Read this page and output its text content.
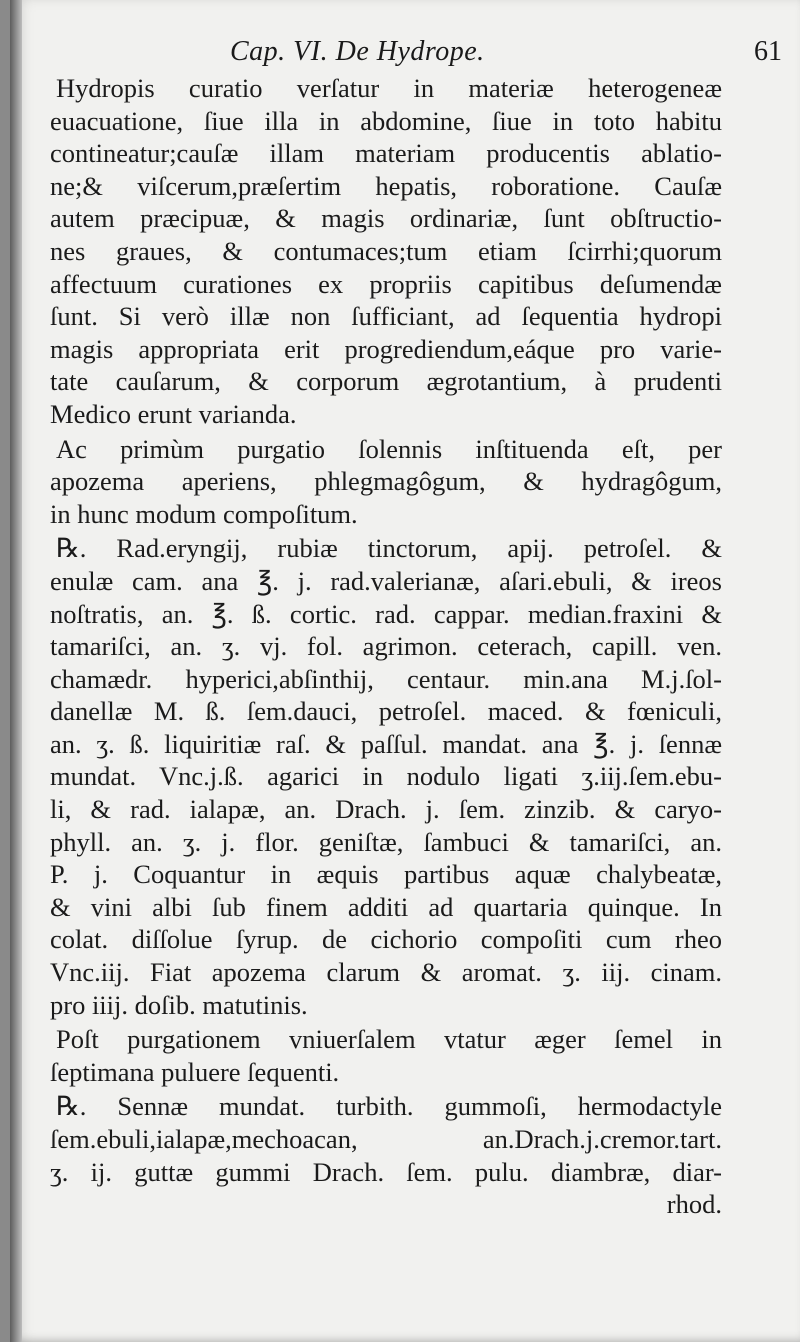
Cap. VI. De Hydrope.	61
Hydropis curatio verſatur in materiæ heterogeneæ
euacuatione, ſiue illa in abdomine, ſiue in toto habitu
contineatur;cauſæ illam materiam producentis ablatio-
ne;& viſcerum,præſertim hepatis, roboratione. Cauſæ
autem præcipuæ, & magis ordinariæ, ſunt obſtructio-
nes graues, & contumaces;tum etiam ſcirrhi;quorum
affectuum curationes ex propriis capitibus deſumendæ
ſunt. Si verò illæ non ſufficiant, ad ſequentia hydropi
magis appropriata erit progrediendum,eáque pro varie-
tate cauſarum, & corporum ægrotantium, à prudenti
Medico erunt varianda.
Ac primùm purgatio ſolennis inſtituenda eſt, per
apozema aperiens, phlegmagôgum, & hydragôgum,
in hunc modum compoſitum.
℞. Rad.eryngij, rubiæ tinctorum, apij. petroſel. &
enulæ cam. ana ℥. j. rad.valerianæ, aſari.ebuli, & ireos
noſtratis, an. ℥. ß. cortic. rad. cappar. median.fraxini &
tamariſci, an. ʒ. vj. fol. agrimon. ceterach, capill. ven.
chamædr. hyperici,abſinthij, centaur. min.ana M.j.ſol-
danellæ M. ß. ſem.dauci, petroſel. maced. & fœniculi,
an. ʒ. ß. liquiritiæ raſ. & paſſul. mandat. ana ℥. j. ſennæ
mundat. Vnc.j.ß. agarici in nodulo ligati ʒ.iij.ſem.ebu-
li, & rad. ialapæ, an. Drach. j. ſem. zinzib. & caryo-
phyll. an. ʒ. j. flor. geniſtæ, ſambuci & tamariſci, an.
P. j. Coquantur in æquis partibus aquæ chalybeatæ,
& vini albi ſub finem additi ad quartaria quinque. In
colat. diſſolue ſyrup. de cichorio compoſiti cum rheo
Vnc.iij. Fiat apozema clarum & aromat. ʒ. iij. cinam.
pro iiij. doſib. matutinis.
Poſt purgationem vniuerſalem vtatur æger ſemel in
ſeptimana puluere ſequenti.
℞. Sennæ mundat. turbith. gummoſi, hermodactyle
ſem.ebuli,ialapæ,mechoacan, an.Drach.j.cremor.tart.
ʒ. ij. guttæ gummi Drach. ſem. pulu. diambræ, diar-
rhod.
